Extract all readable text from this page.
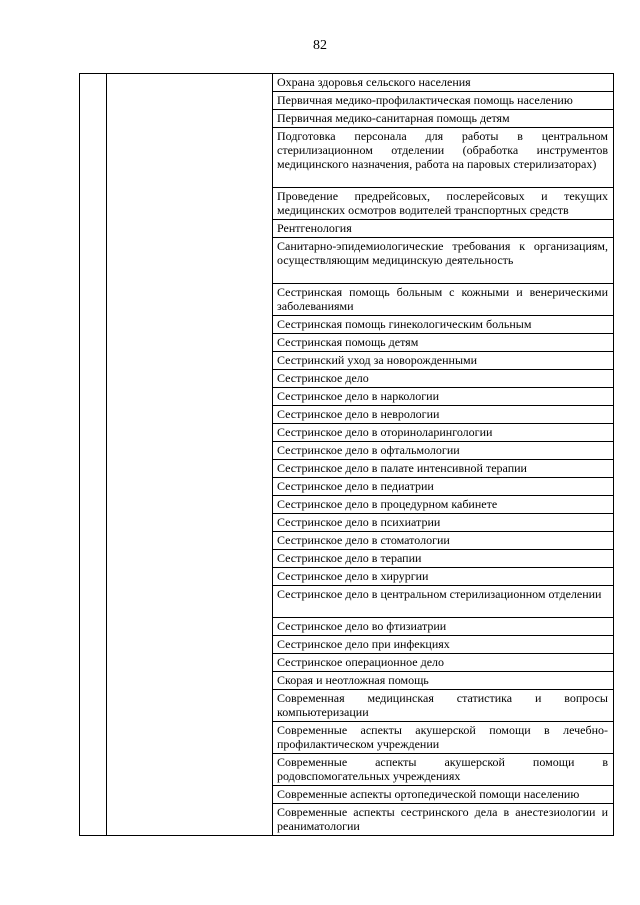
82

Охрана здоровья сельского населения
Первичная медико-профилактическая помощь населению
Первичная медико-санитарная помощь детям
Подготовка персонала для работы в центральном стерилизационном отделении (обработка инструментов медицинского назначения, работа на паровых стерилизаторах)
Проведение предрейсовых, послерейсовых и текущих медицинских осмотров водителей транспортных средств
Рентгенология
Санитарно-эпидемиологические требования к организациям, осуществляющим медицинскую деятельность
Сестринская помощь больным с кожными и венерическими заболеваниями
Сестринская помощь гинекологическим больным
Сестринская помощь детям
Сестринский уход за новорожденными
Сестринское дело
Сестринское дело в наркологии
Сестринское дело в неврологии
Сестринское дело в оториноларингологии
Сестринское дело в офтальмологии
Сестринское дело в палате интенсивной терапии
Сестринское дело в педиатрии
Сестринское дело в процедурном кабинете
Сестринское дело в психиатрии
Сестринское дело в стоматологии
Сестринское дело в терапии
Сестринское дело в хирургии
Сестринское дело в центральном стерилизационном отделении
Сестринское дело во фтизиатрии
Сестринское дело при инфекциях
Сестринское операционное дело
Скорая и неотложная помощь
Современная медицинская статистика и вопросы компьютеризации
Современные аспекты акушерской помощи в лечебно-профилактическом учреждении
Современные аспекты акушерской помощи в родовспомогательных учреждениях
Современные аспекты ортопедической помощи населению
Современные аспекты сестринского дела в анестезиологии и реаниматологии
